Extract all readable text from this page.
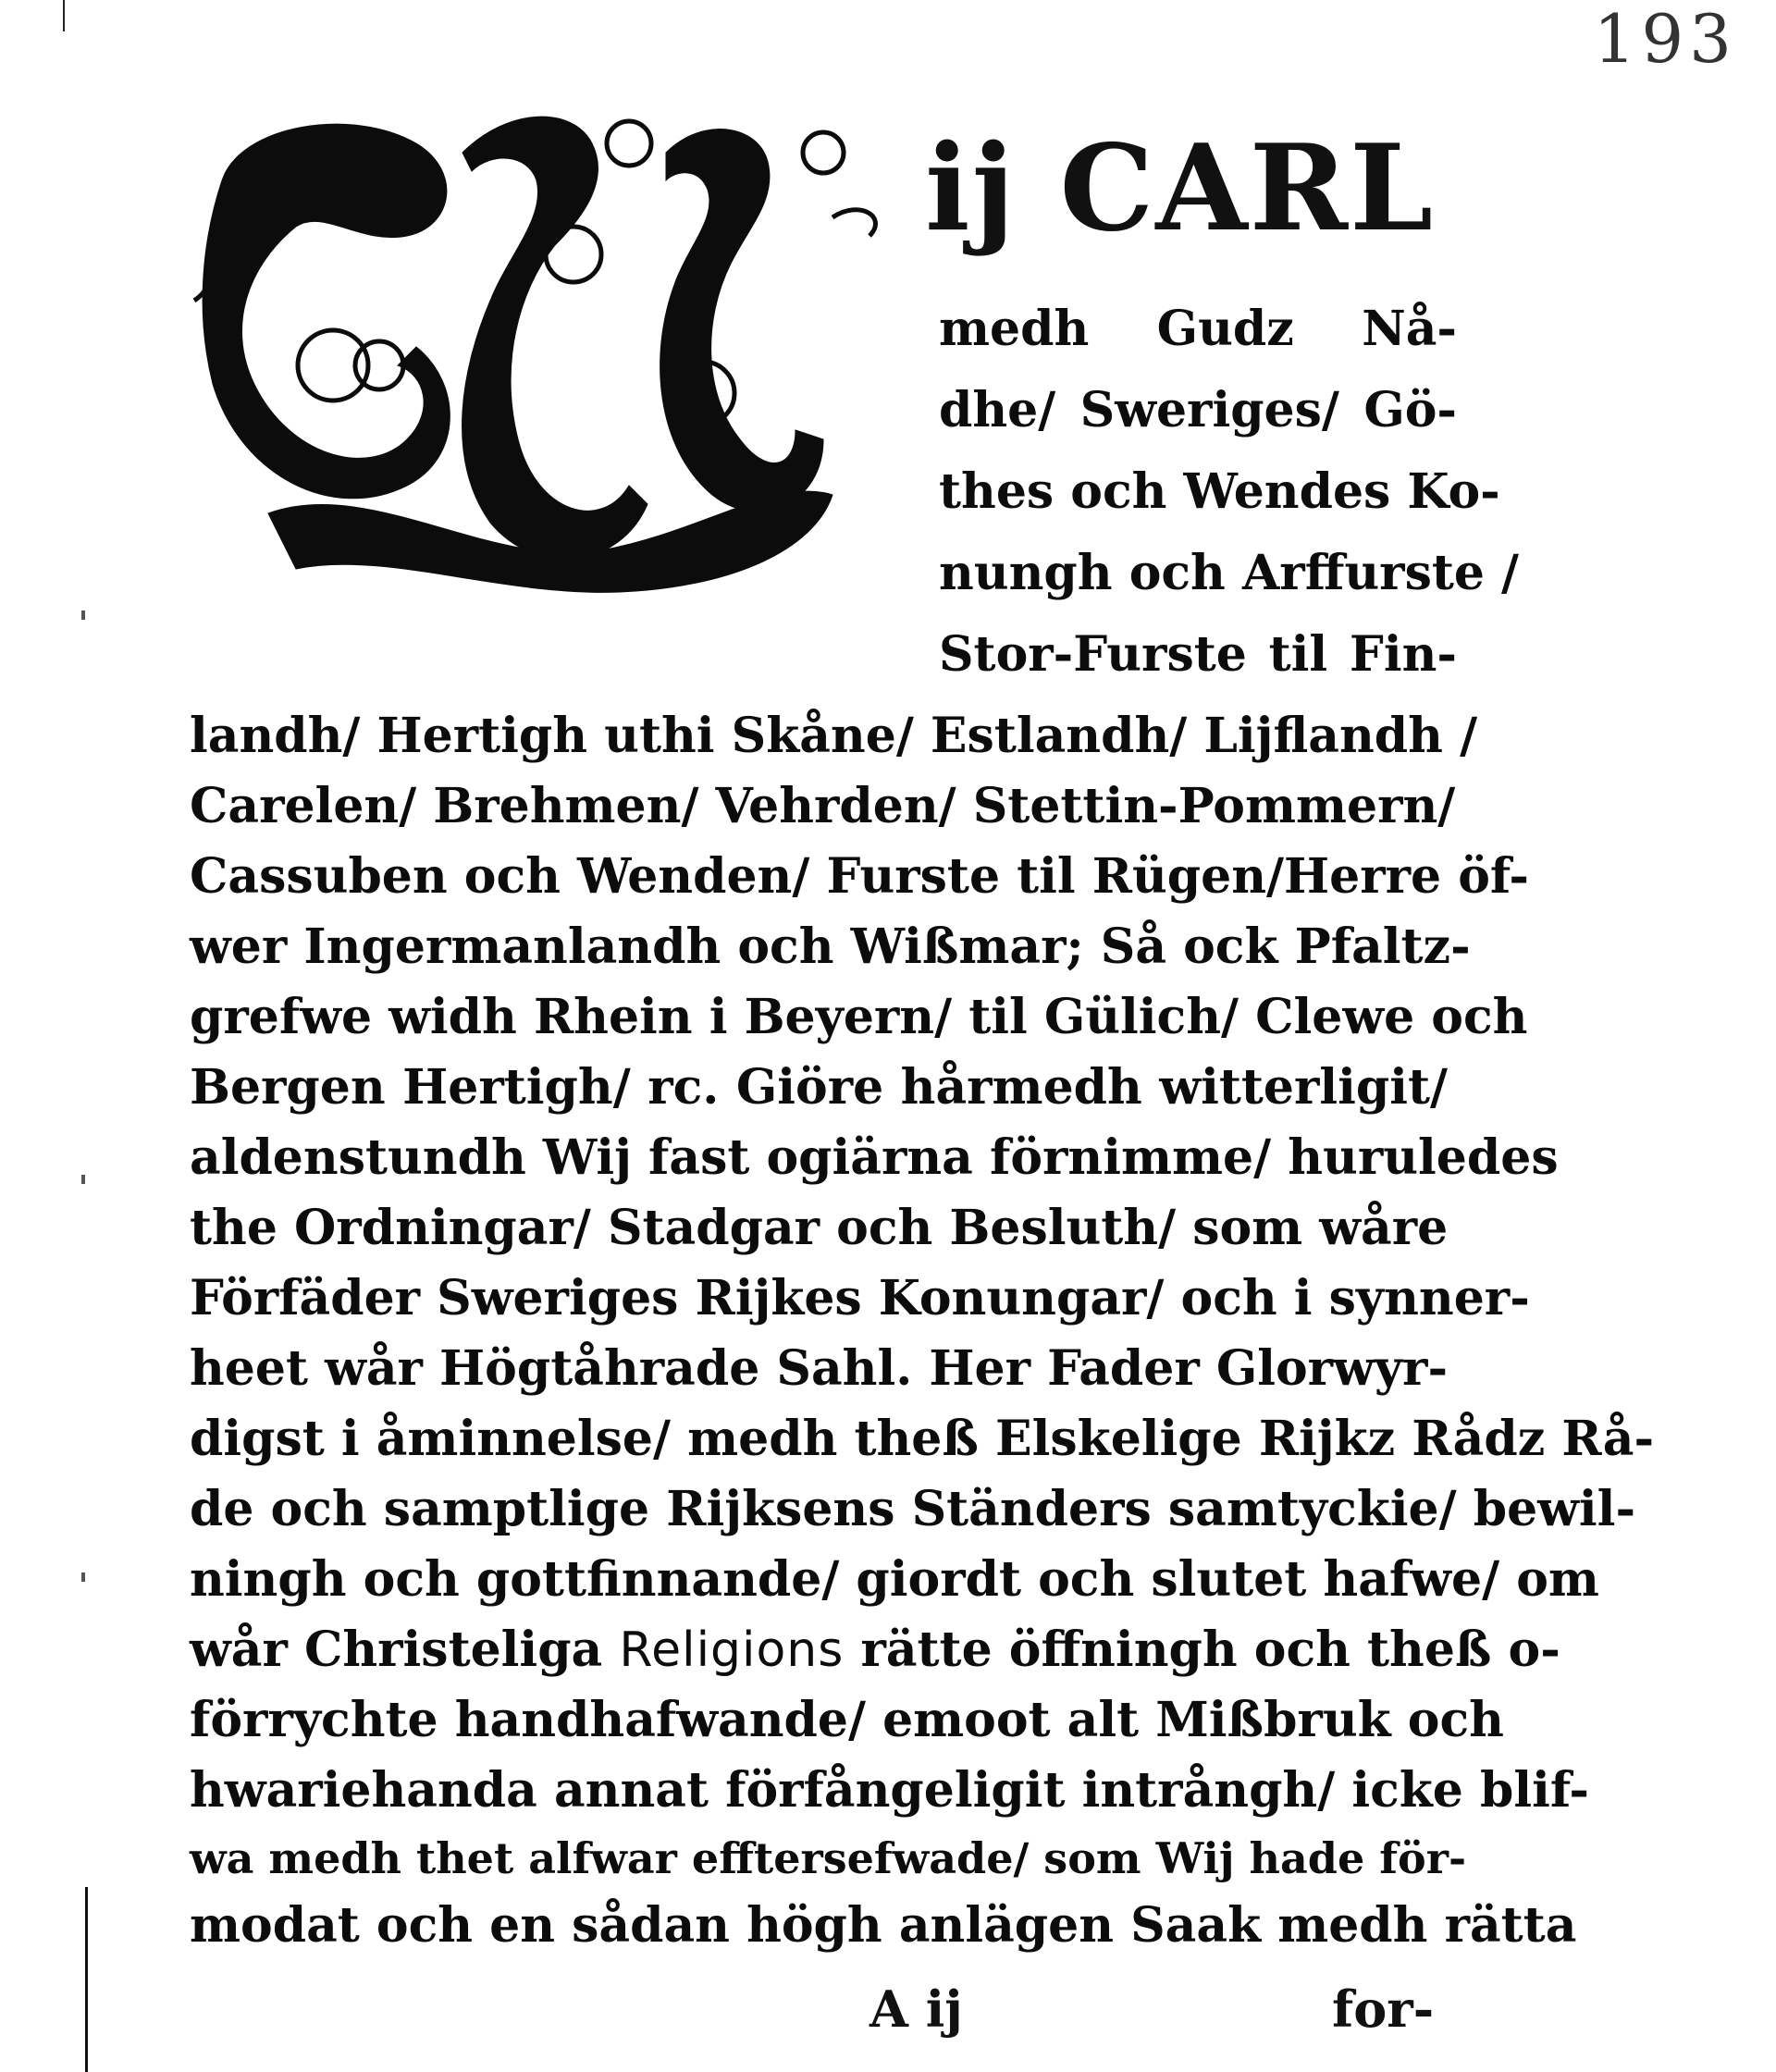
193
ij CARL
medh Gudz Nå-
dhe/ Sweriges/ Gö-
thes och Wendes Ko-
nungh och Arffurste /
Stor-Furste til Fin-
landh/ Hertigh uthi Skåne/ Estlandh/ Lijflandh /
Carelen/ Brehmen/ Vehrden/ Stettin-Pommern/
Cassuben och Wenden/ Furste til Rügen/Herre öf-
wer Ingermanlandh och Wißmar; Så ock Pfaltz-
grefwe widh Rhein i Beyern/ til Gülich/ Clewe och
Bergen Hertigh/ rc. Giöre hårmedh witterligit/
aldenstundh Wij fast ogiärna förnimme/ huruledes
the Ordningar/ Stadgar och Besluth/ som wåre
Förfäder Sweriges Rijkes Konungar/ och i synner-
heet wår Högtåhrade Sahl. Her Fader Glorwyr-
digst i åminnelse/ medh theß Elskelige Rijkz Rådz Rå-
de och samptlige Rijksens Ständers samtyckie/ bewil-
ningh och gottfinnande/ giordt och slutet hafwe/ om
wår Christeliga Religions rätte öffningh och theß o-
förrychte handhafwande/ emoot alt Mißbruk och
hwariehanda annat förfångeligit intrångh/ icke blif-
wa medh thet alfwar efftersefwade/ som Wij hade för-
modat och en sådan högh anlägen Saak medh rätta
A ij	for-
